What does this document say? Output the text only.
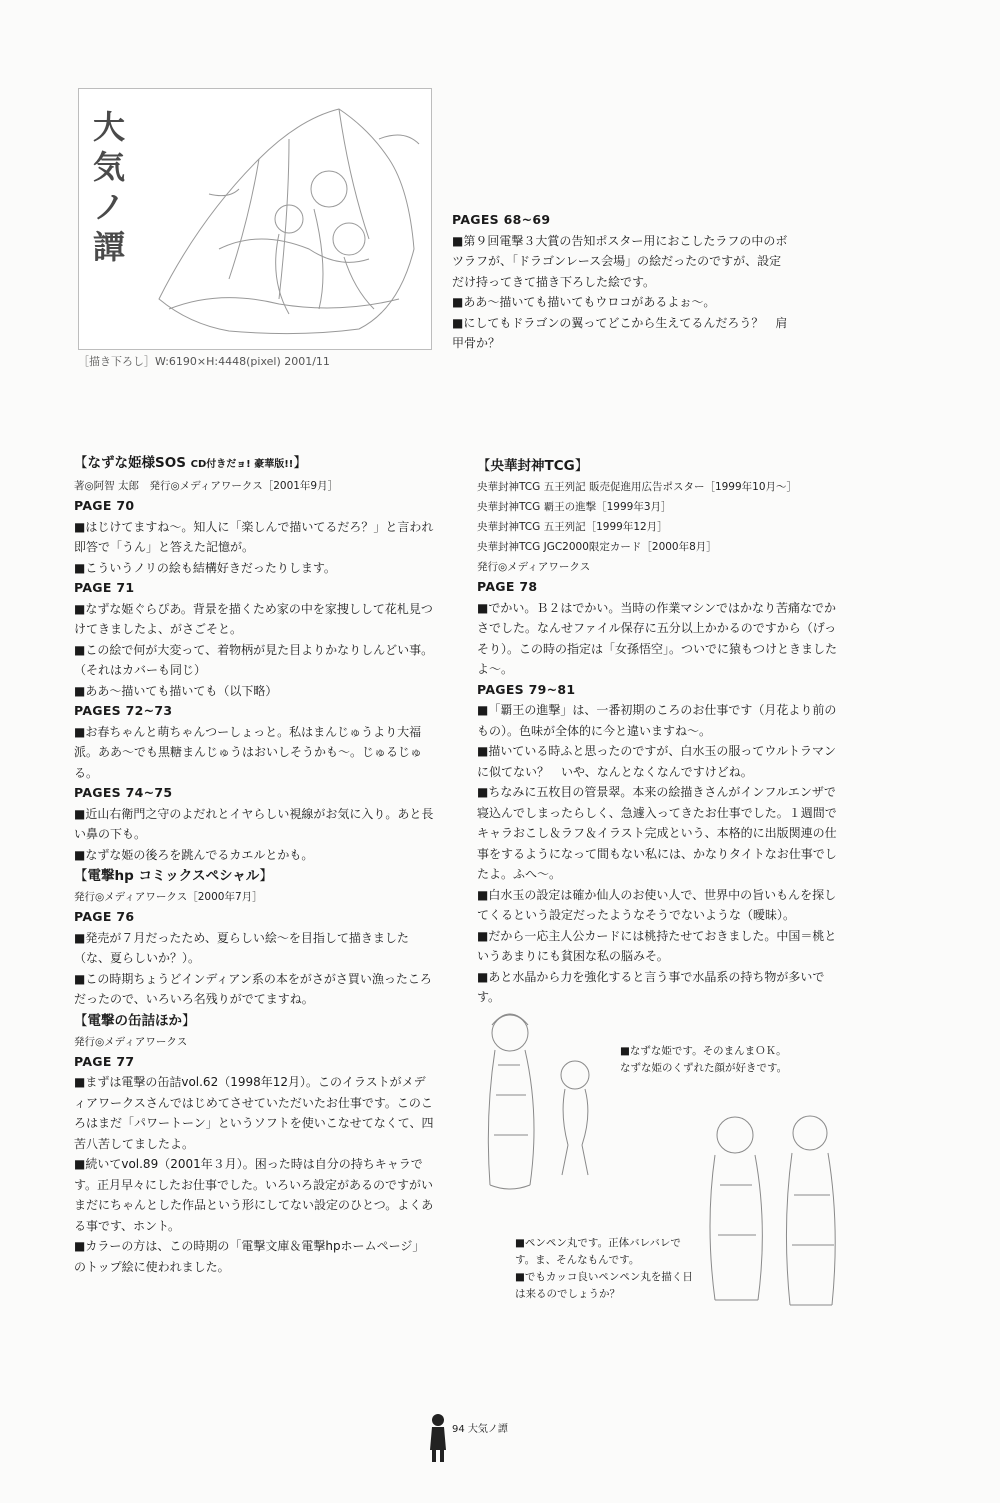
大気ノ譚
［描き下ろし］W:6190×H:4448(pixel) 2001/11

PAGES 68~69

■第９回電撃３大賞の告知ポスター用におこしたラフの中のボツラフが、「ドラゴンレース会場」の絵だったのですが、設定だけ持ってきて描き下ろした絵です。

■ああ～描いても描いてもウロコがあるよぉ～。

■にしてもドラゴンの翼ってどこから生えてるんだろう？　肩甲骨か？

【なずな姫様SOS CD付きだョ! 豪華版!!】

著◎阿智 太郎　発行◎メディアワークス［2001年9月］

PAGE 70

■はじけてますね～。知人に「楽しんで描いてるだろ？」と言われ即答で「うん」と答えた記憶が。

■こういうノリの絵も結構好きだったりします。

PAGE 71

■なずな姫ぐらぴあ。背景を描くため家の中を家捜しして花札見つけてきましたよ、がさごそと。

■この絵で何が大変って、着物柄が見た目よりかなりしんどい事。（それはカバーも同じ）

■ああ～描いても描いても（以下略）

PAGES 72~73

■お春ちゃんと萌ちゃんつーしょっと。私はまんじゅうより大福派。ああ～でも黒糖まんじゅうはおいしそうかも～。じゅるじゅる。

PAGES 74~75

■近山右衛門之守のよだれとイヤらしい視線がお気に入り。あと長い鼻の下も。

■なずな姫の後ろを跳んでるカエルとかも。

【電撃hp コミックスペシャル】

発行◎メディアワークス［2000年7月］

PAGE 76

■発売が７月だったため、夏らしい絵～を目指して描きました（な、夏らしいか？）。

■この時期ちょうどインディアン系の本をがさがさ買い漁ったころだったので、いろいろ名残りがでてますね。

【電撃の缶詰ほか】

発行◎メディアワークス

PAGE 77

■まずは電撃の缶詰vol.62（1998年12月）。このイラストがメディアワークスさんではじめてさせていただいたお仕事です。このころはまだ「パワートーン」というソフトを使いこなせてなくて、四苦八苦してましたよ。

■続いてvol.89（2001年３月）。困った時は自分の持ちキャラです。正月早々にしたお仕事でした。いろいろ設定があるのですがいまだにちゃんとした作品という形にしてない設定のひとつ。よくある事です、ホント。

■カラーの方は、この時期の「電撃文庫＆電撃hpホームページ」のトップ絵に使われました。

【央華封神TCG】

央華封神TCG 五王列記 販売促進用広告ポスター［1999年10月～］

央華封神TCG 覇王の進撃［1999年3月］

央華封神TCG 五王列記［1999年12月］

央華封神TCG JGC2000限定カード［2000年8月］

発行◎メディアワークス

PAGE 78

■でかい。Ｂ２はでかい。当時の作業マシンではかなり苦痛なでかさでした。なんせファイル保存に五分以上かかるのですから（げっそり）。この時の指定は「女孫悟空」。ついでに猿もつけときましたよ～。

PAGES 79~81

■「覇王の進撃」は、一番初期のころのお仕事です（月花より前のもの）。色味が全体的に今と違いますね～。

■描いている時ふと思ったのですが、白水玉の服ってウルトラマンに似てない？　いや、なんとなくなんですけどね。

■ちなみに五枚目の管景翠。本来の絵描きさんがインフルエンザで寝込んでしまったらしく、急遽入ってきたお仕事でした。１週間でキャラおこし＆ラフ＆イラスト完成という、本格的に出版関連の仕事をするようになって間もない私には、かなりタイトなお仕事でしたよ。ふへ～。

■白水玉の設定は確か仙人のお使い人で、世界中の旨いもんを探してくるという設定だったようなそうでないような（曖昧）。

■だから一応主人公カードには桃持たせておきました。中国＝桃というあまりにも貧困な私の脳みそ。

■あと水晶から力を強化すると言う事で水晶系の持ち物が多いです。

■なずな姫です。そのまんまＯＫ。
なずな姫のくずれた顔が好きです。
■ペンペン丸です。正体バレバレです。ま、そんなもんです。
■でもカッコ良いペンペン丸を描く日は来るのでしょうか？
94 大気ノ譚
